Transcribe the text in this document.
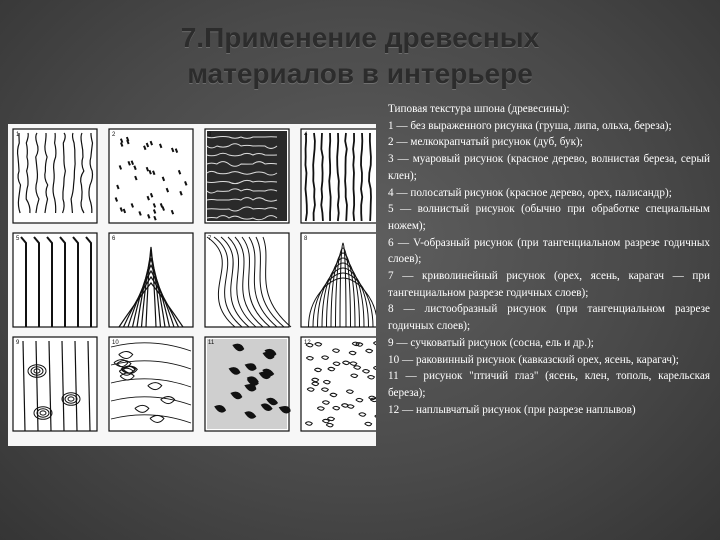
7.Применение древесных
материалов в интерьере
1	2	3	4
5	6	7	8
9	10	11	12

Типовая текстура шпона (древесины):

1 — без выраженного рисунка (груша, липа, ольха, береза);

2 — мелкокрапчатый рисунок (дуб, бук);

3 — муаровый рисунок (красное дерево, волнистая береза, серый клен);

4 — полосатый рисунок (красное дерево, орех, палисандр);

5 — волнистый рисунок (обычно при обработке специальным ножем);

6 — V-образный рисунок (при тангенциальном разрезе годичных слоев);

7 — криволинейный рисунок (орех, ясень, карагач — при тангенциальном разрезе годичных слоев);

8 — листообразный рисунок (при тангенциальном разрезе годичных слоев);

9 — сучковатый рисунок (сосна, ель и др.);

10 — раковинный рисунок (кавказский орех, ясень, карагач);

11 — рисунок "птичий глаз" (ясень, клен, тополь, карельская береза);

12 — наплывчатый рисунок (при разрезе наплывов)
